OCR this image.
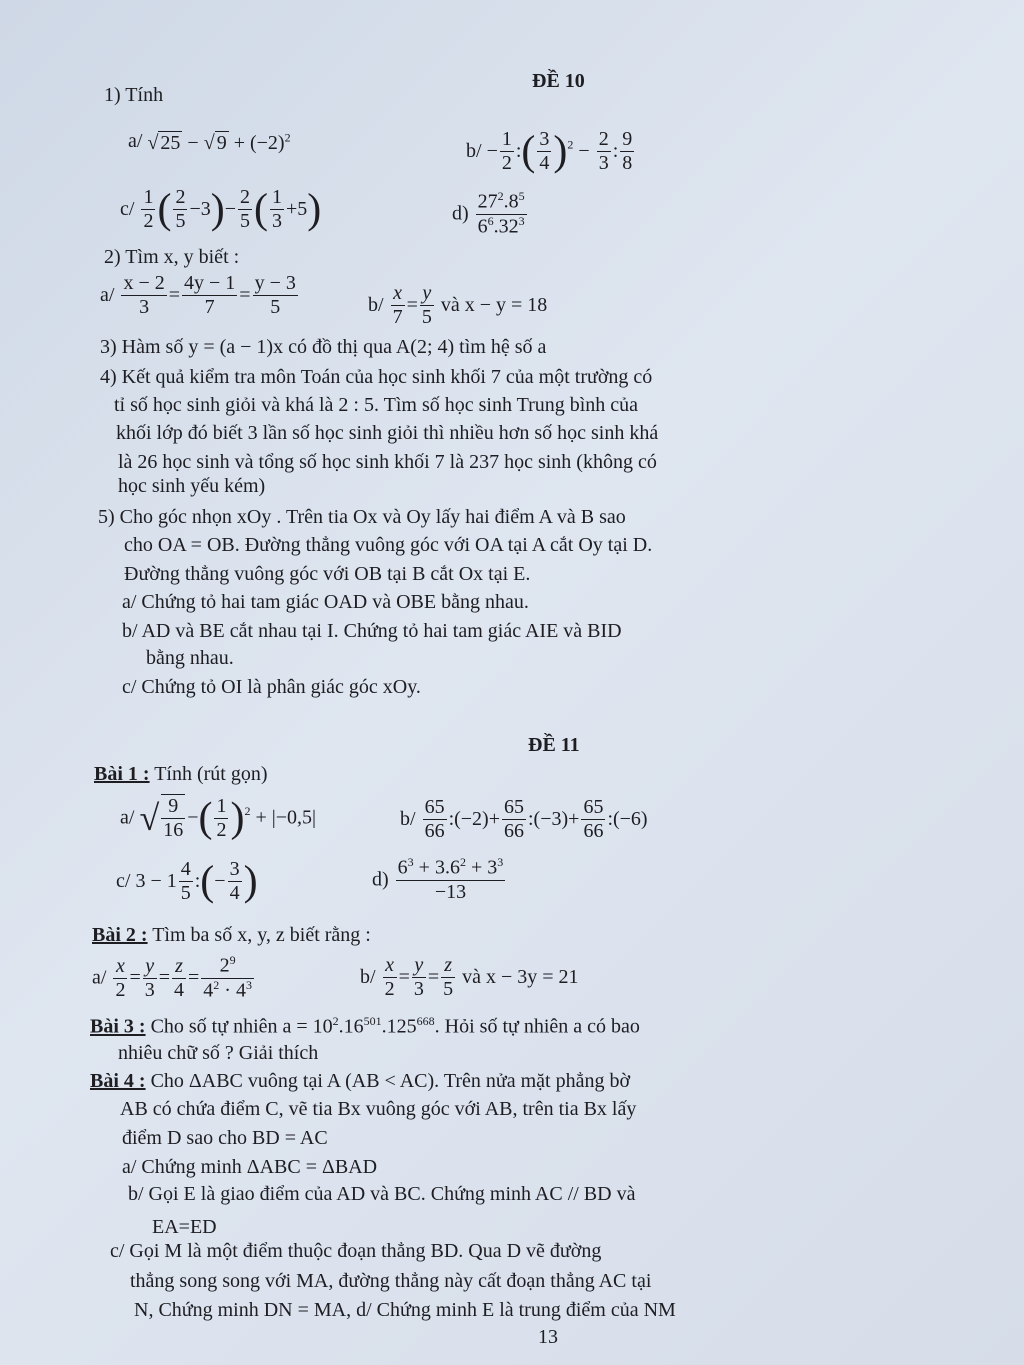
ĐỀ 10
1) Tính
a/ √ 25 − √ $9 + (-2)^2$
$b/ - \frac{1}{2}$ :( $\frac{3}{4} )^2 - \frac{2}{3}$ : $\frac{9}{8}$
$c/ \frac{1}{2}$ ( $\frac{2}{5} -3)- \frac{2}{5}$ ( $\frac{1}{3} +5$)	$d) \frac{27^2.8^5}{6^6.32^3}$
2) Tìm x, y biết :
$a/ \frac{x - 2}{3} = \frac{4y - 1}{7} = \frac{y - 3}{5}$	$b/ \frac{x}{7} = \frac{y}{5}$ và x − y = 18
3) Hàm số y = (a − 1)x có đồ thị qua A(2; 4) tìm hệ số a
4) Kết quả kiểm tra môn Toán của học sinh khối 7 của một trường có
tỉ số học sinh giỏi và khá là 2 : 5. Tìm số học sinh Trung bình của
khối lớp đó biết 3 lần số học sinh giỏi thì nhiều hơn số học sinh khá
là 26 học sinh và tổng số học sinh khối 7 là 237 học sinh (không có
học sinh yếu kém)
5) Cho góc nhọn xOy . Trên tia Ox và Oy lấy hai điểm A và B sao
cho OA = OB. Đường thẳng vuông góc với OA tại A cắt Oy tại D.
Đường thẳng vuông góc với OB tại B cắt Ox tại E.
a/ Chứng tỏ hai tam giác OAD và OBE bằng nhau.
b/ AD và BE cắt nhau tại I. Chứng tỏ hai tam giác AIE và BID
bằng nhau.
c/ Chứng tỏ OI là phân giác góc xOy.
ĐỀ 11
Bài 1 : Tính (rút gọn)
a/ √ $\frac{9}{16}$ −( $\frac{1}{2} )^2 + |-0,5|$	$b/ \frac{65}{66}$ :(−2)+ $\frac{65}{66}$ :(−3)+ $\frac{65}{66}$ :(−6)
c/ $3 - 1 \frac{4}{5}$ :(− $\frac{3}{4}$ )	$d) \frac{6^3 + 3.6^2 + 3^3}{-13}$
Bài 2 : Tìm ba số x, y, z biết rằng :
$a/ \frac{x}{2} = \frac{y}{3} = \frac{z}{4} = \frac{2^9}{4^2 \cdot 4^3}$	$b/ \frac{x}{2} = \frac{y}{3} = \frac{z}{5}$ và x − 3y = 21
Bài 3 : Cho số tự nhiên $a = 10^2.16^{501}.125^{668}$. Hỏi số tự nhiên a có bao
nhiêu chữ số ? Giải thích
Bài 4 : Cho ΔABC vuông tại A (AB < AC). Trên nửa mặt phẳng bờ
AB có chứa điểm C, vẽ tia Bx vuông góc với AB, trên tia Bx lấy
điểm D sao cho BD = AC
a/ Chứng minh ΔABC = ΔBAD
b/ Gọi E là giao điểm của AD và BC. Chứng minh AC // BD và
EA=ED
c/ Gọi M là một điểm thuộc đoạn thẳng BD. Qua D vẽ đường
thẳng song song với MA, đường thẳng này cất đoạn thẳng AC tại
N, Chứng minh DN = MA, d/ Chứng minh E là trung điểm của NM
13
